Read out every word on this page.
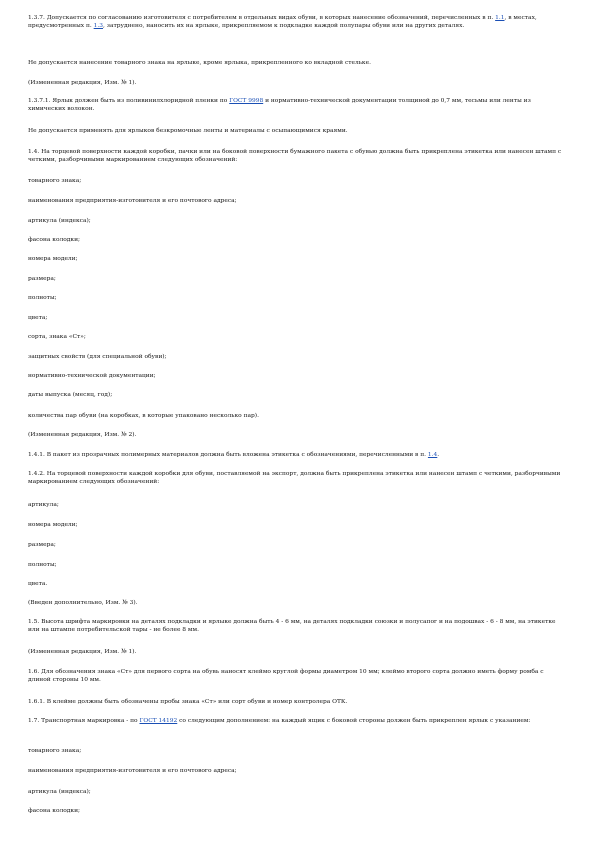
1.3.7. Допускается по согласованию изготовителя с потребителем в отдельных видах обуви, в которых нанесение обозначений, перечисленных в п. 1.1, в местах, предусмотренных п. 1.3, затруднено, наносить их на ярлыке, прикрепляемом к подкладке каждой полупары обуви или на других деталях.

Не допускается нанесение товарного знака на ярлыке, кроме ярлыка, прикрепленного ко вкладной стельке.

(Измененная редакция, Изм. № 1).

1.3.7.1. Ярлык должен быть из поливинилхлоридной пленки по ГОСТ 9998 и нормативно-технической документации толщиной до 0,7 мм, тесьмы или ленты из химических волокон.

Не допускается применять для ярлыков безкромочные ленты и материалы с осыпающимися краями.

1.4. На торцевой поверхности каждой коробки, пачки или на боковой поверхности бумажного пакета с обувью должна быть прикреплена этикетка или нанесен штамп с четкими, разборчивыми маркированием следующих обозначений:

товарного знака;

наименования предприятия-изготовителя и его почтового адреса;

артикула (индекса);

фасона колодки;

номера модели;

размера;

полноты;

цвета;

сорта, знака «Ст»;

защитных свойств (для специальной обуви);

нормативно-технической документации;

даты выпуска (месяц, год);

количества пар обуви (на коробках, в которые упаковано несколько пар).

(Измененная редакция, Изм. № 2).

1.4.1. В пакет из прозрачных полимерных материалов должна быть вложена этикетка с обозначениями, перечисленными в п. 1.4.

1.4.2. На торцевой поверхности каждой коробки для обуви, поставляемой на экспорт, должна быть прикреплена этикетка или нанесен штамп с четкими, разборчивыми маркированием следующих обозначений:

артикула;

номера модели;

размера;

полноты;

цвета.

(Введен дополнительно, Изм. № 3).

1.5. Высота шрифта маркировки на деталях подкладки и ярлыке должна быть 4 - 6 мм, на деталях подкладки союзки и полусапог и на подошвах - 6 - 8 мм, на этикетке или на штампе потребительской тары - не более 8 мм.

(Измененная редакция, Изм. № 1).

1.6. Для обозначения знака «Ст» для первого сорта на обувь наносят клеймо круглой формы диаметром 10 мм; клеймо второго сорта должно иметь форму ромба с длиной стороны 10 мм.

1.6.1. В клейме должны быть обозначены пробы знака «Ст» или сорт обуви и номер контролера ОТК.

1.7. Транспортная маркировка - по ГОСТ 14192 со следующим дополнением: на каждый ящик с боковой стороны должен быть прикреплен ярлык с указанием:

товарного знака;

наименования предприятия-изготовителя и его почтового адреса;

артикула (индекса);

фасона колодки;
